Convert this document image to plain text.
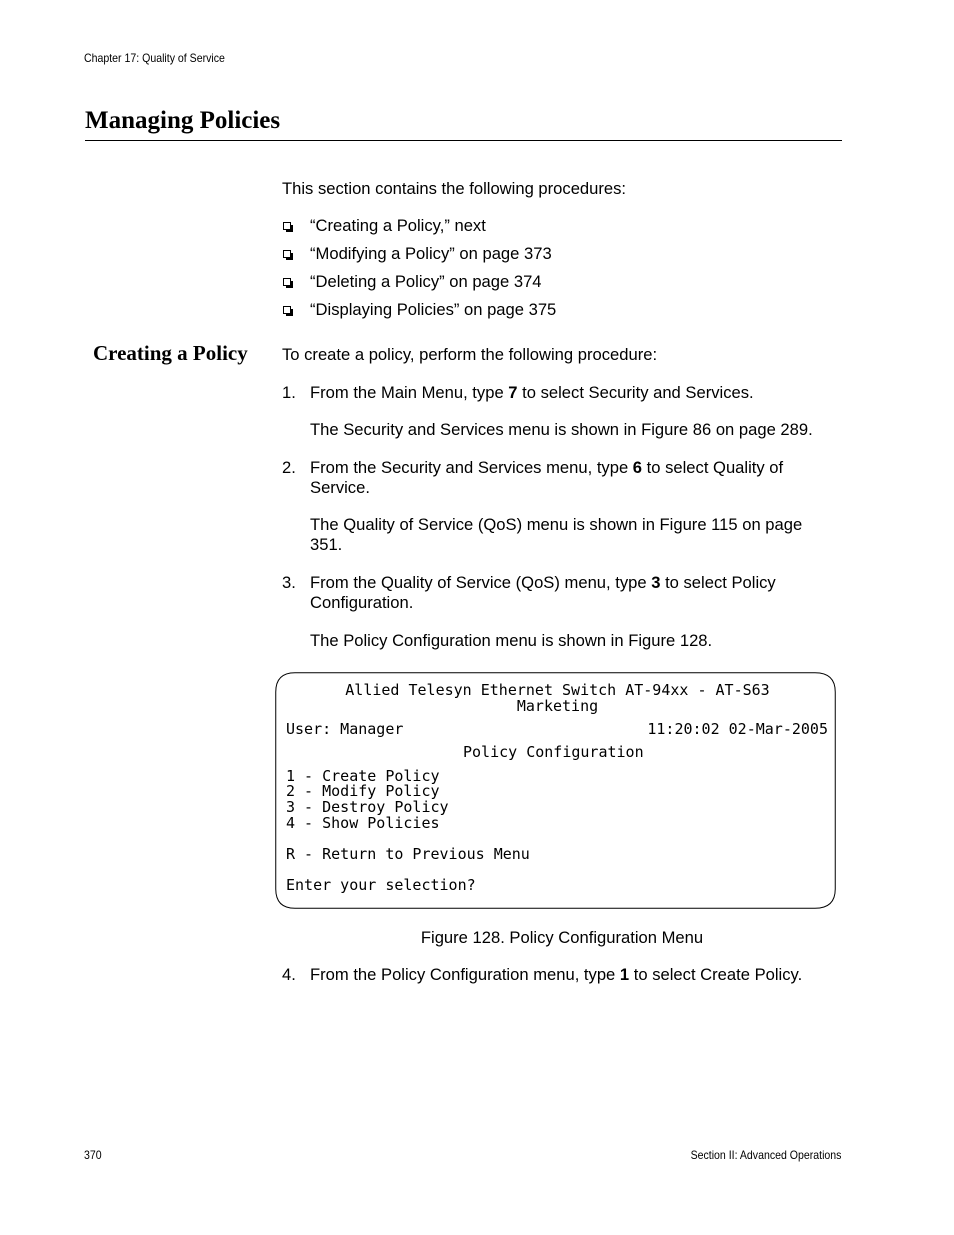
Chapter 17: Quality of Service
Managing Policies
This section contains the following procedures:
“Creating a Policy,” next
“Modifying a Policy” on page 373
“Deleting a Policy” on page 374
“Displaying Policies” on page 375
Creating a Policy To create a policy, perform the following procedure:
1. From the Main Menu, type 7 to select Security and Services.
The Security and Services menu is shown in Figure 86 on page 289.
2. From the Security and Services menu, type 6 to select Quality of
Service.
The Quality of Service (QoS) menu is shown in Figure 115 on page
351.
3. From the Quality of Service (QoS) menu, type 3 to select Policy
Configuration.
The Policy Configuration menu is shown in Figure 128.
Allied Telesyn Ethernet Switch AT-94xx - AT-S63
Marketing
User: Manager	11:20:02 02-Mar-2005
Policy Configuration
1 - Create Policy
2 - Modify Policy
3 - Destroy Policy
4 - Show Policies
R - Return to Previous Menu
Enter your selection?
Figure 128. Policy Configuration Menu
4. From the Policy Configuration menu, type 1 to select Create Policy.
370	Section II: Advanced Operations
